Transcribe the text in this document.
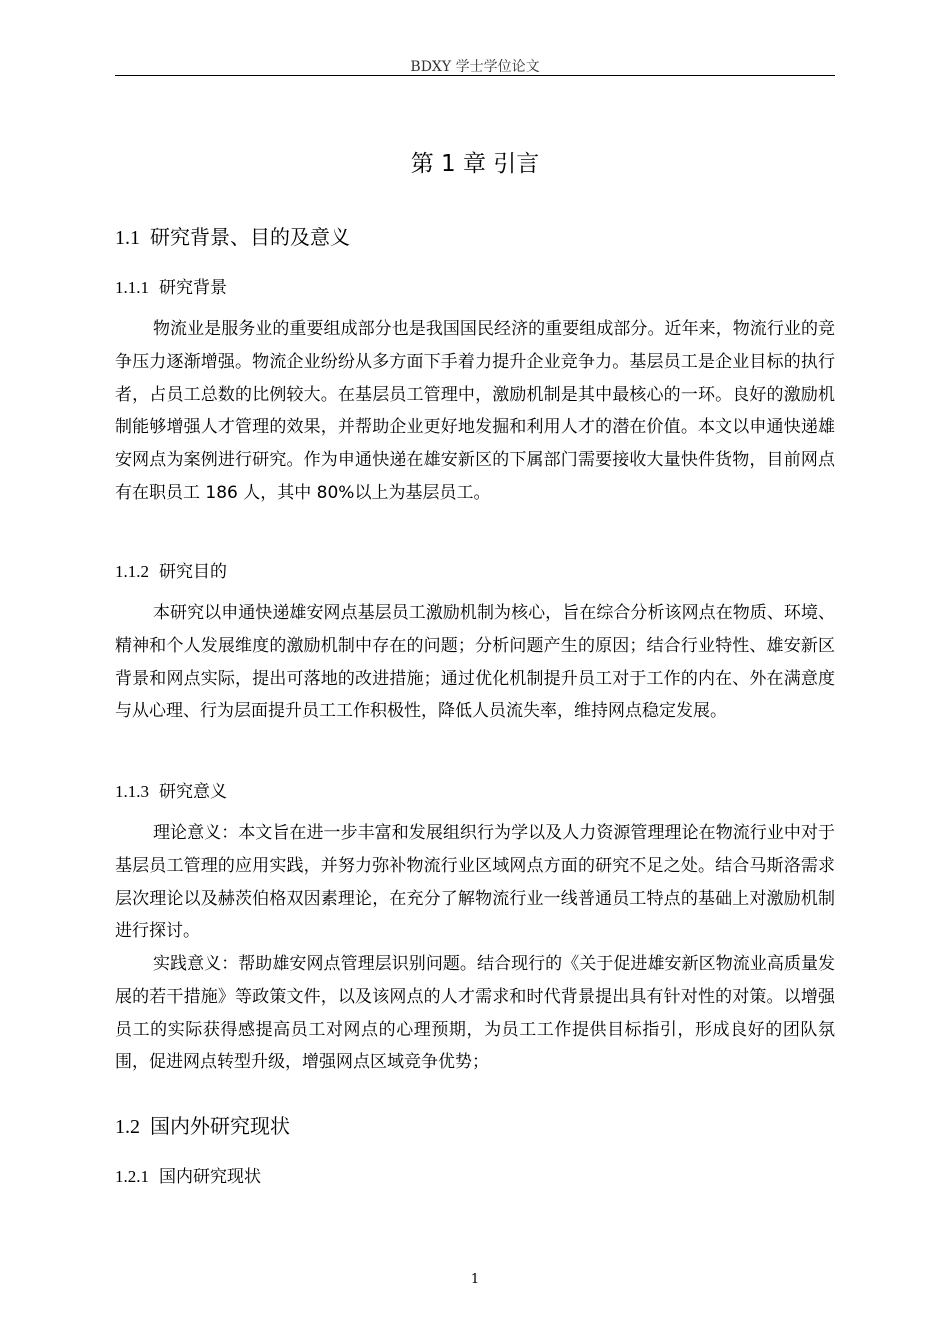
BDXY 学士学位论文
第 1 章 引言
1.1 研究背景、目的及意义
1.1.1 研究背景

物流业是服务业的重要组成部分也是我国国民经济的重要组成部分。近年来，物流行业的竞争压力逐渐增强。物流企业纷纷从多方面下手着力提升企业竞争力。基层员工是企业目标的执行者，占员工总数的比例较大。在基层员工管理中，激励机制是其中最核心的一环。良好的激励机制能够增强人才管理的效果，并帮助企业更好地发掘和利用人才的潜在价值。本文以申通快递雄安网点为案例进行研究。作为申通快递在雄安新区的下属部门需要接收大量快件货物，目前网点有在职员工 186 人，其中 80%以上为基层员工。

1.1.2 研究目的

本研究以申通快递雄安网点基层员工激励机制为核心，旨在综合分析该网点在物质、环境、精神和个人发展维度的激励机制中存在的问题；分析问题产生的原因；结合行业特性、雄安新区背景和网点实际，提出可落地的改进措施；通过优化机制提升员工对于工作的内在、外在满意度与从心理、行为层面提升员工工作积极性，降低人员流失率，维持网点稳定发展。

1.1.3 研究意义

理论意义：本文旨在进一步丰富和发展组织行为学以及人力资源管理理论在物流行业中对于基层员工管理的应用实践，并努力弥补物流行业区域网点方面的研究不足之处。结合马斯洛需求层次理论以及赫茨伯格双因素理论，在充分了解物流行业一线普通员工特点的基础上对激励机制进行探讨。

实践意义：帮助雄安网点管理层识别问题。结合现行的《关于促进雄安新区物流业高质量发展的若干措施》等政策文件，以及该网点的人才需求和时代背景提出具有针对性的对策。以增强员工的实际获得感提高员工对网点的心理预期，为员工工作提供目标指引，形成良好的团队氛围，促进网点转型升级，增强网点区域竞争优势；

1.2 国内外研究现状
1.2.1 国内研究现状
1
